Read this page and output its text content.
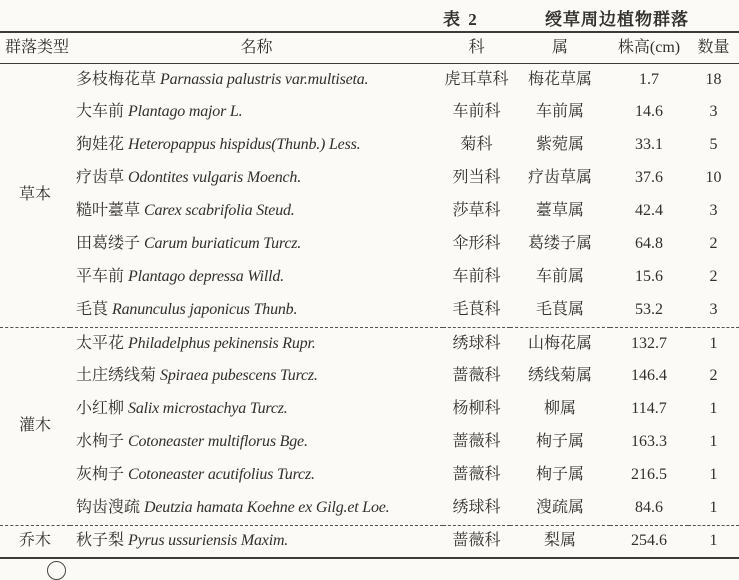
表 2	绶草周边植物群落
群落类型	名称	科	属	株高(cm)	数量
草本	多枝梅花草 Parnassia palustris var.multiseta.	虎耳草科	梅花草属	1.7	18
	大车前 Plantago major L.	车前科	车前属	14.6	3
	狗娃花 Heteropappus hispidus(Thunb.) Less.	菊科	紫菀属	33.1	5
	疗齿草 Odontites vulgaris Moench.	列当科	疗齿草属	37.6	10
	糙叶薹草 Carex scabrifolia Steud.	莎草科	薹草属	42.4	3
	田葛缕子 Carum buriaticum Turcz.	伞形科	葛缕子属	64.8	2
	平车前 Plantago depressa Willd.	车前科	车前属	15.6	2
	毛茛 Ranunculus japonicus Thunb.	毛茛科	毛茛属	53.2	3
灌木	太平花 Philadelphus pekinensis Rupr.	绣球科	山梅花属	132.7	1
	土庄绣线菊 Spiraea pubescens Turcz.	蔷薇科	绣线菊属	146.4	2
	小红柳 Salix microstachya Turcz.	杨柳科	柳属	114.7	1
	水栒子 Cotoneaster multiflorus Bge.	蔷薇科	栒子属	163.3	1
	灰栒子 Cotoneaster acutifolius Turcz.	蔷薇科	栒子属	216.5	1
	钩齿溲疏 Deutzia hamata Koehne ex Gilg.et Loe.	绣球科	溲疏属	84.6	1
乔木	秋子梨 Pyrus ussuriensis Maxim.	蔷薇科	梨属	254.6	1
